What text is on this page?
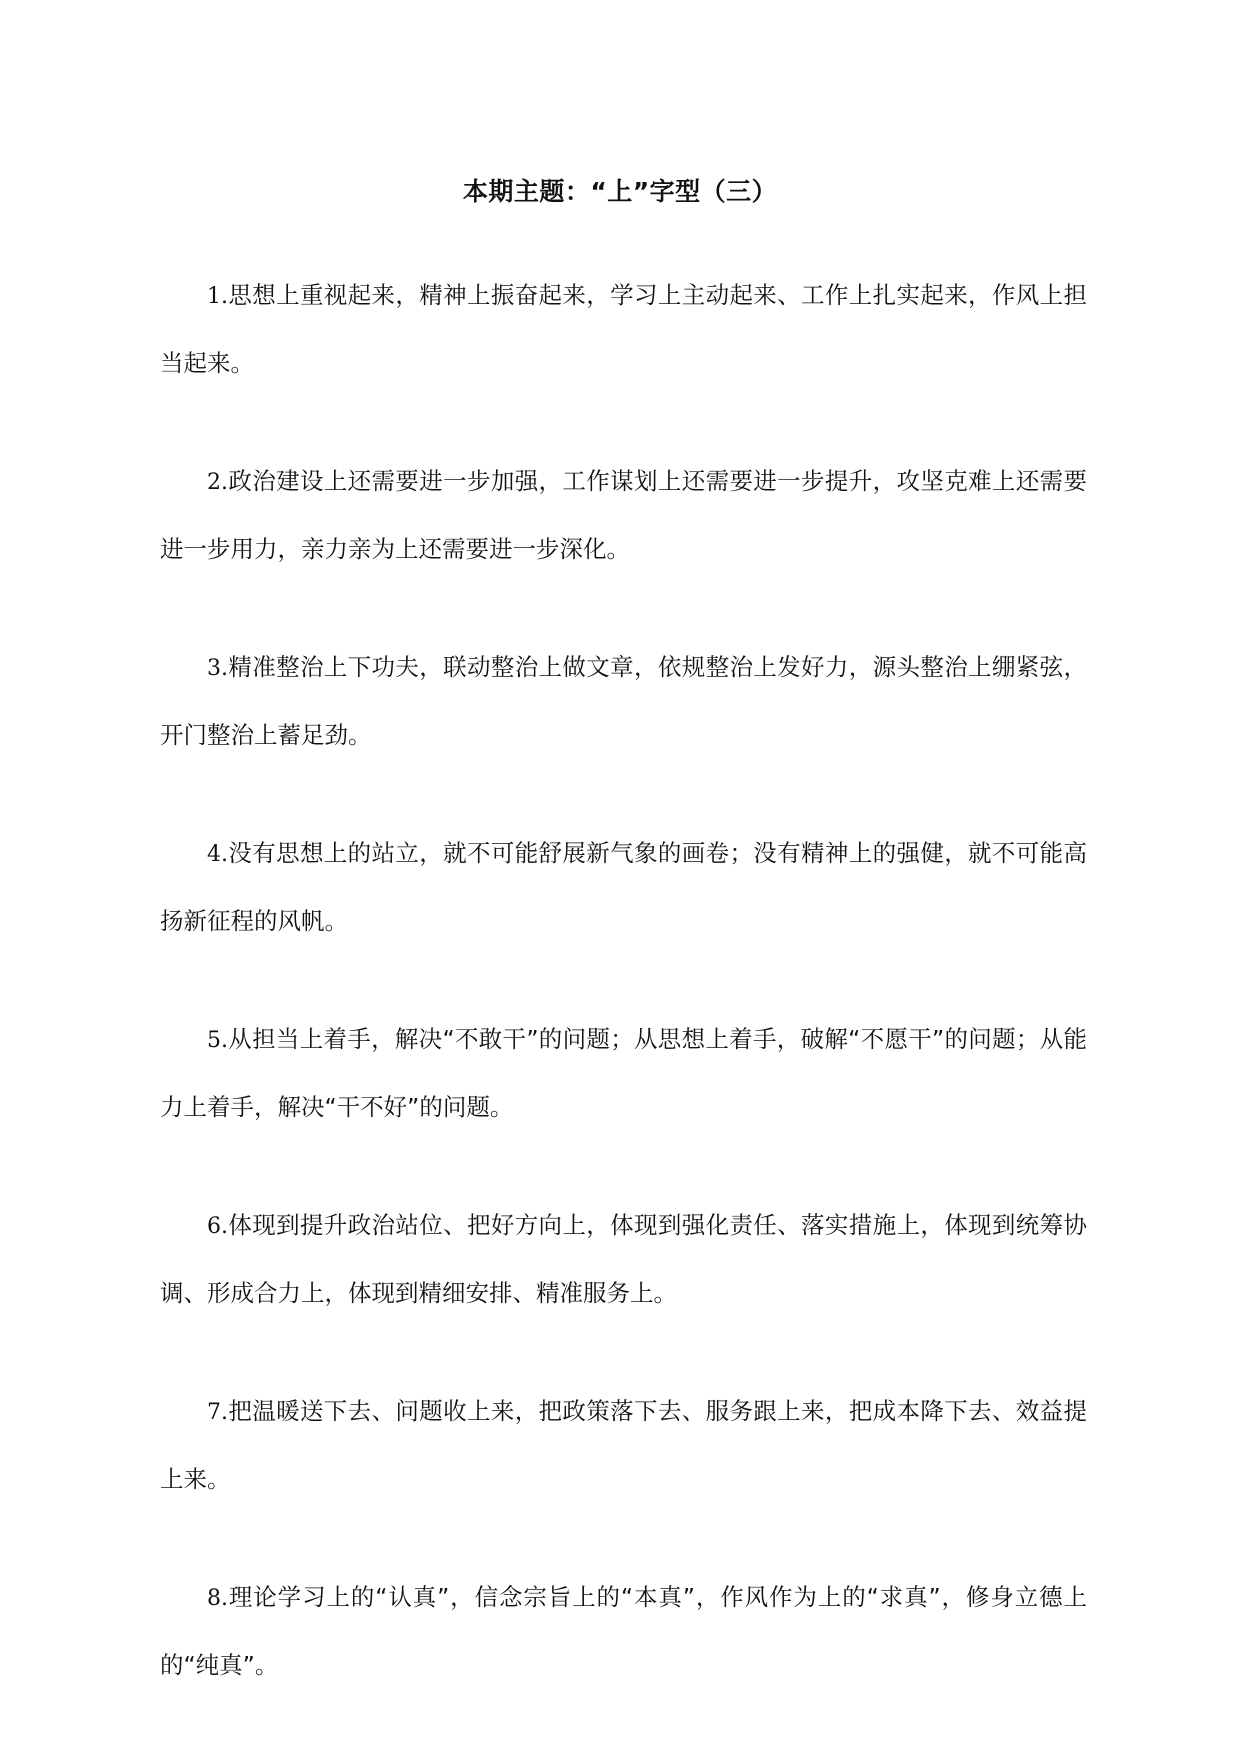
本期主题：“上”字型（三）
1.思想上重视起来，精神上振奋起来，学习上主动起来、工作上扎实起来，作风上担当起来。
2.政治建设上还需要进一步加强，工作谋划上还需要进一步提升，攻坚克难上还需要进一步用力，亲力亲为上还需要进一步深化。
3.精准整治上下功夫，联动整治上做文章，依规整治上发好力，源头整治上绷紧弦，开门整治上蓄足劲。
4.没有思想上的站立，就不可能舒展新气象的画卷；没有精神上的强健，就不可能高扬新征程的风帆。
5.从担当上着手，解决“不敢干”的问题；从思想上着手，破解“不愿干”的问题；从能力上着手，解决“干不好”的问题。
6.体现到提升政治站位、把好方向上，体现到强化责任、落实措施上，体现到统筹协调、形成合力上，体现到精细安排、精准服务上。
7.把温暖送下去、问题收上来，把政策落下去、服务跟上来，把成本降下去、效益提上来。
8.理论学习上的“认真”，信念宗旨上的“本真”，作风作为上的“求真”，修身立德上的“纯真”。
